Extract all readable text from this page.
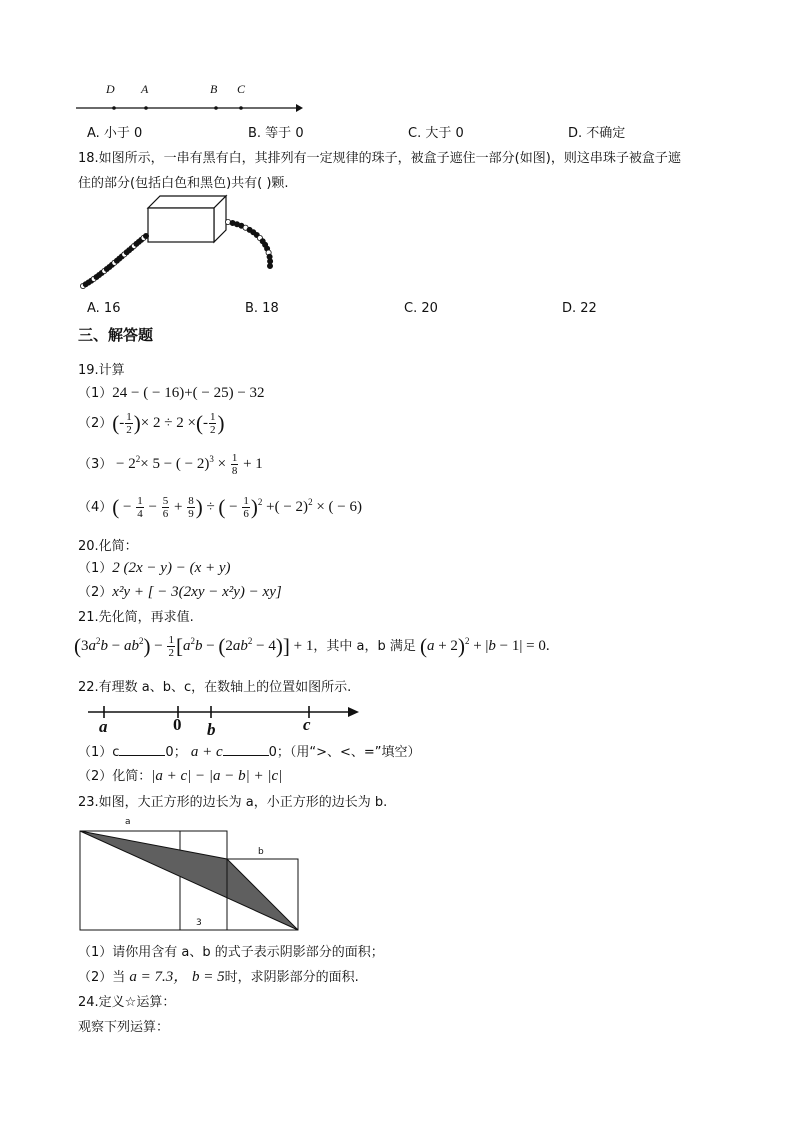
D A	B C
A. 小于 0	B. 等于 0	C. 大于 0	D. 不确定
18.如图所示，一串有黑有白，其排列有一定规律的珠子，被盒子遮住一部分(如图)，则这串珠子被盒子遮
住的部分(包括白色和黑色)共有( )颗.
A. 16	B. 18	C. 20	D. 22
三、解答题
19.计算
（1）24 − ( − 16)+( − 25) − 32
$(2)(- \frac{1}{2}$ )× 2 ÷ 2 ×(- $\frac{1}{2}$ )
$(3) - 2^2\times 5$ − ( − $2)^3 \times \frac{1}{8} + 1$
$(4)( - \frac{1}{4} - \frac{5}{6} + \frac{8}{9}$ ) ÷ ( − $\frac{1}{6} )^2$ +( − 2)$^2$ × ( − 6)
20.化简：
（1）2 (2x − y) − (x + y)
（2）x²y + [ − 3(2xy − x²y) − xy]
21.先化简，再求值.
$(3a^2b - ab^2) - \frac{1}{2} [a^2b - (2ab^2 - 4)] + 1$，其中 a，b 满足 $(a + 2)^2 + |b - 1| = 0$.
22.有理数 a、b、c，在数轴上的位置如图所示.
a	0 b	c
（1）c	0； a + c	0；（用“>、<、=”填空）
（2）化简：|a + c| − |a − b| + |c|
23.如图，大正方形的边长为 a，小正方形的边长为 b.
a
b
3
（1）请你用含有 a、b 的式子表示阴影部分的面积；
（2）当 a = 7.3， b = 5时，求阴影部分的面积.
24.定义☆运算：
观察下列运算：
